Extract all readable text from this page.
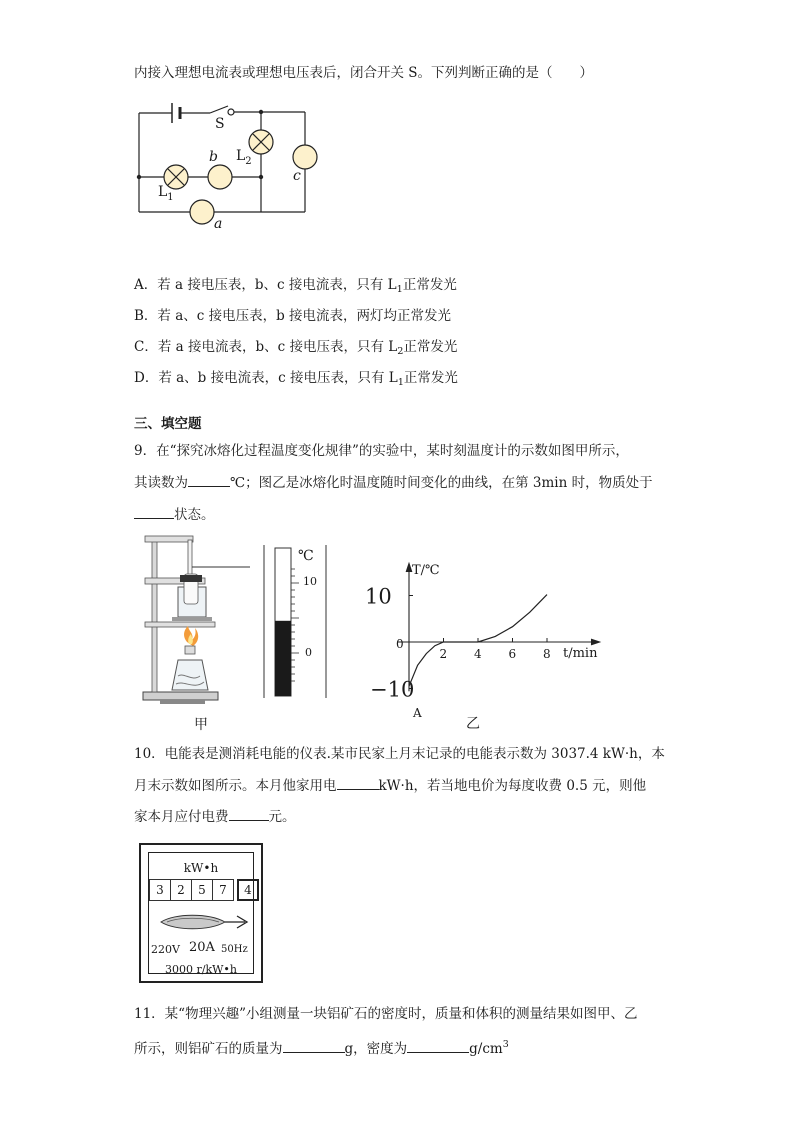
内接入理想电流表或理想电压表后，闭合开关 S。下列判断正确的是（　　）
S
b $L_2$
c
$L_1$
a
A．若 a 接电压表，b、c 接电流表，只有 $L_1$正常发光
B．若 a、c 接电压表，b 接电流表，两灯均正常发光
C．若 a 接电流表，b、c 接电压表，只有 $L_2$正常发光
D．若 a、b 接电流表，c 接电压表，只有 $L_1$正常发光
三、填空题
9．在“探究冰熔化过程温度变化规律”的实验中，某时刻温度计的示数如图甲所示，
其读数为	℃；图乙是冰熔化时温度随时间变化的曲线，在第 3min 时，物质处于
状态。
甲
℃
10
0	2 4 6 8
10
0
−10
T/℃
t/min
A
乙
10．电能表是测消耗电能的仪表.某市民家上月末记录的电能表示数为 3037.4 kW·h，本
月末示数如图所示。本月他家用电	kW·h，若当地电价为每度收费 0.5 元，则他
家本月应付电费	元。
kW•h
3	2	5	7	4
220V 20A 50Hz
3000 r/kW•h
11．某“物理兴趣”小组测量一块铝矿石的密度时，质量和体积的测量结果如图甲、乙
所示，则铝矿石的质量为	g，密度为	$g/cm^3$
